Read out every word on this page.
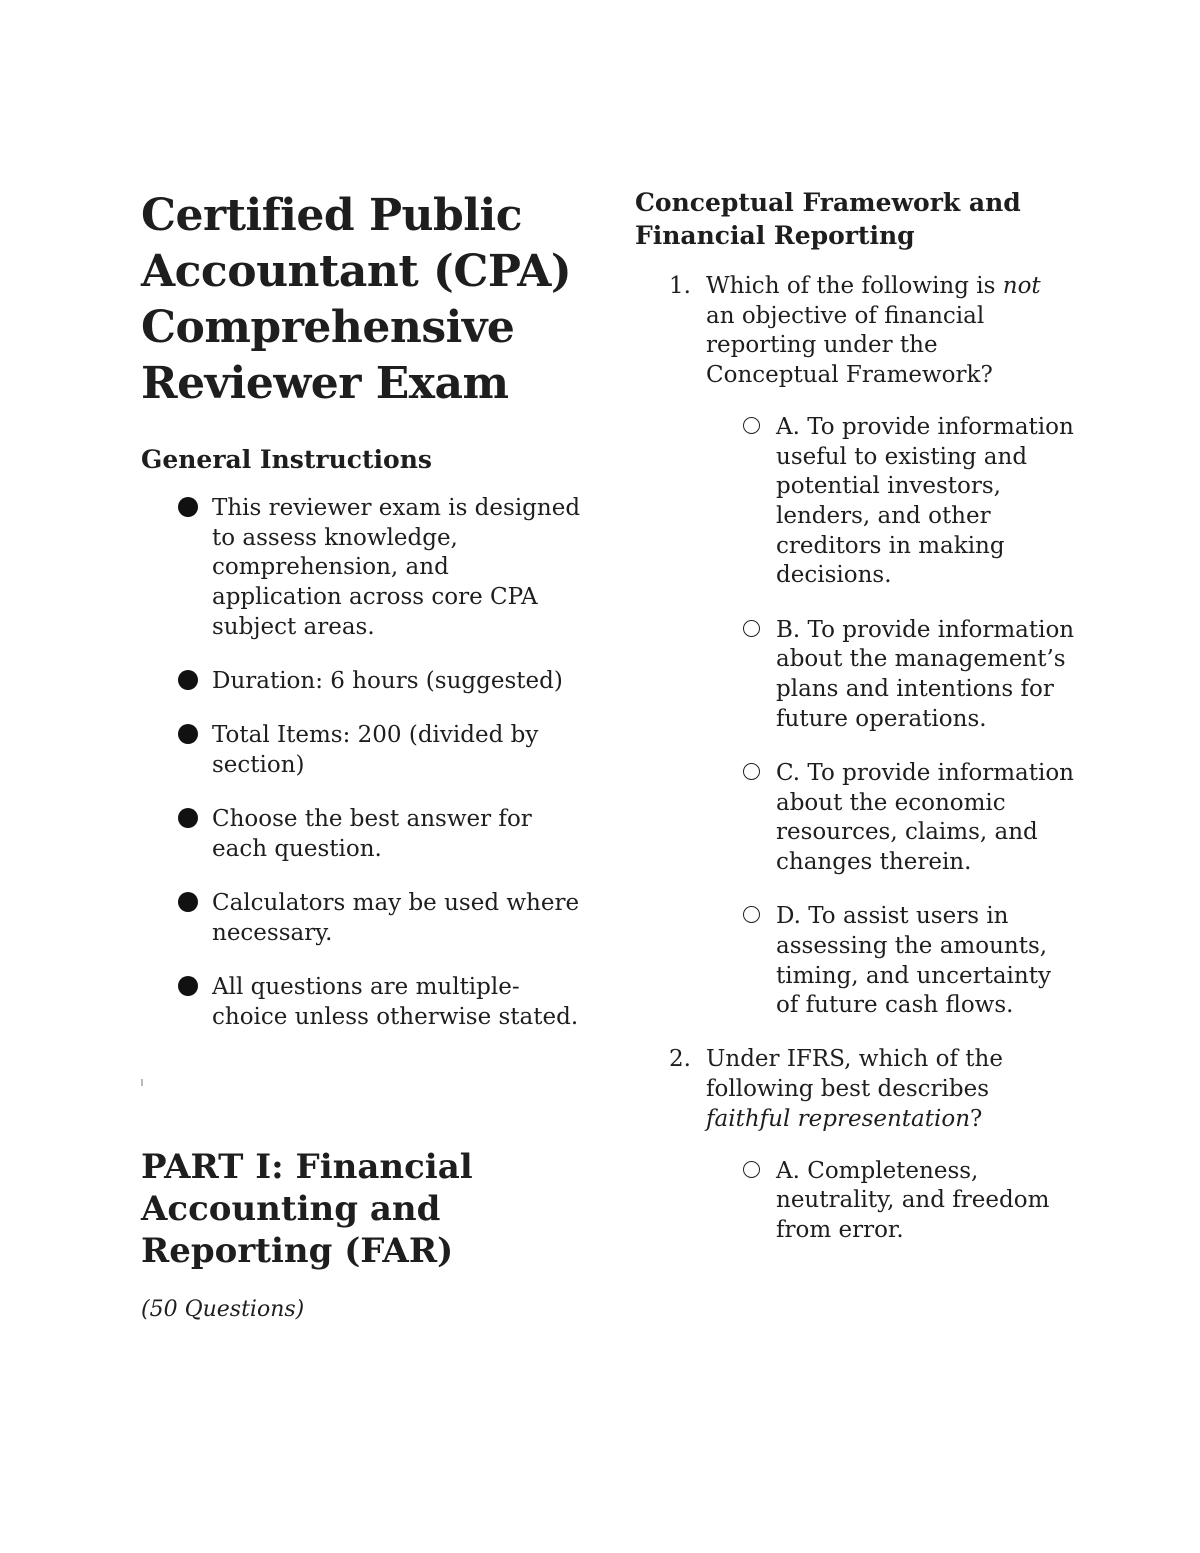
Certified Public Accountant (CPA) Comprehensive Reviewer Exam
General Instructions
This reviewer exam is designed to assess knowledge, comprehension, and application across core CPA subject areas.
Duration: 6 hours (suggested)
Total Items: 200 (divided by section)
Choose the best answer for each question.
Calculators may be used where necessary.
All questions are multiple-choice unless otherwise stated.
PART I: Financial Accounting and Reporting (FAR)
(50 Questions)
Conceptual Framework and Financial Reporting
1. Which of the following is not an objective of financial reporting under the Conceptual Framework?
A. To provide information useful to existing and potential investors, lenders, and other creditors in making decisions.
B. To provide information about the management’s plans and intentions for future operations.
C. To provide information about the economic resources, claims, and changes therein.
D. To assist users in assessing the amounts, timing, and uncertainty of future cash flows.
2. Under IFRS, which of the following best describes faithful representation?
A. Completeness, neutrality, and freedom from error.
